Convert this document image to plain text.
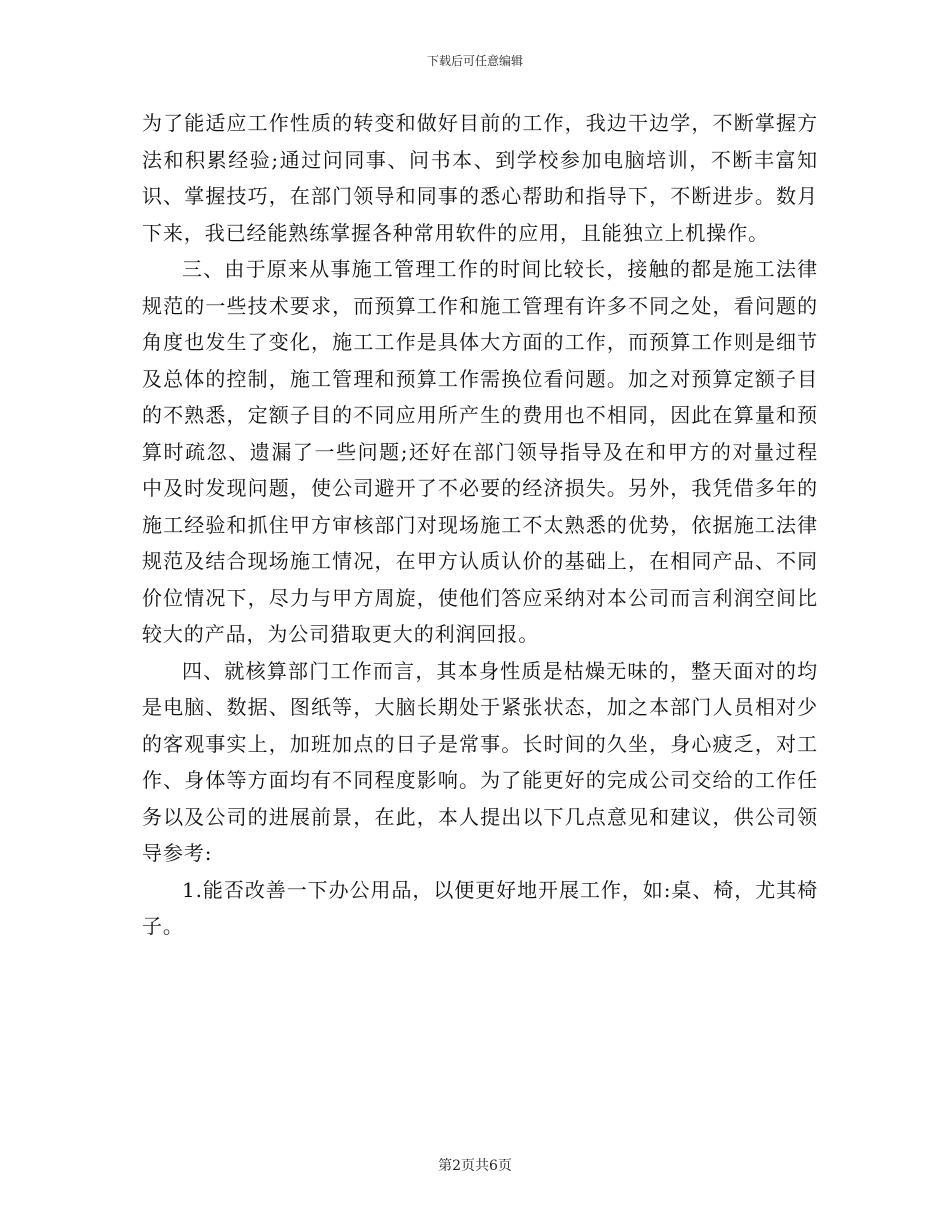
下载后可任意编辑

为了能适应工作性质的转变和做好目前的工作，我边干边学，不断掌握方法和积累经验;通过问同事、问书本、到学校参加电脑培训，不断丰富知识、掌握技巧，在部门领导和同事的悉心帮助和指导下，不断进步。数月下来，我已经能熟练掌握各种常用软件的应用，且能独立上机操作。

三、由于原来从事施工管理工作的时间比较长，接触的都是施工法律规范的一些技术要求，而预算工作和施工管理有许多不同之处，看问题的角度也发生了变化，施工工作是具体大方面的工作，而预算工作则是细节及总体的控制，施工管理和预算工作需换位看问题。加之对预算定额子目的不熟悉，定额子目的不同应用所产生的费用也不相同，因此在算量和预算时疏忽、遗漏了一些问题;还好在部门领导指导及在和甲方的对量过程中及时发现问题，使公司避开了不必要的经济损失。另外，我凭借多年的施工经验和抓住甲方审核部门对现场施工不太熟悉的优势，依据施工法律规范及结合现场施工情况，在甲方认质认价的基础上，在相同产品、不同价位情况下，尽力与甲方周旋，使他们答应采纳对本公司而言利润空间比较大的产品，为公司猎取更大的利润回报。

四、就核算部门工作而言，其本身性质是枯燥无味的，整天面对的均是电脑、数据、图纸等，大脑长期处于紧张状态，加之本部门人员相对少的客观事实上，加班加点的日子是常事。长时间的久坐，身心疲乏，对工作、身体等方面均有不同程度影响。为了能更好的完成公司交给的工作任务以及公司的进展前景，在此，本人提出以下几点意见和建议，供公司领导参考:

1.能否改善一下办公用品，以便更好地开展工作，如:桌、椅，尤其椅子。

第2页共6页
